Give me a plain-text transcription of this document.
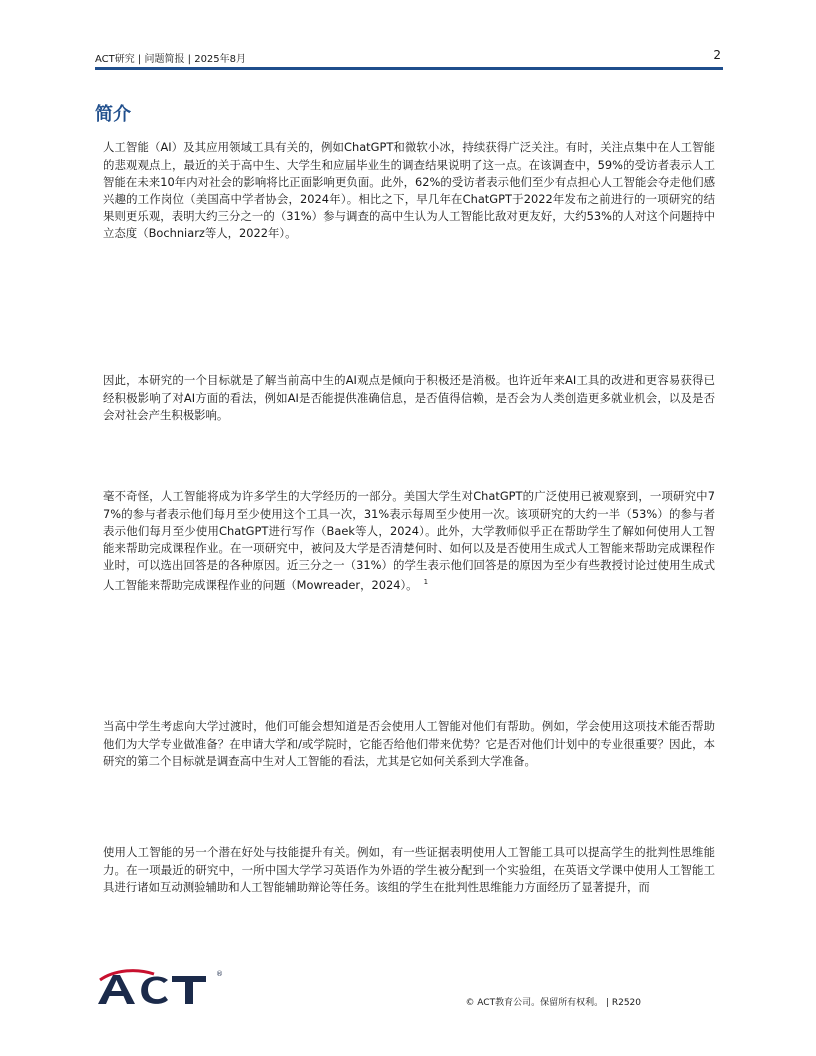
ACT研究 | 问题简报 | 2025年8月	2
简介

人工智能（AI）及其应用领域工具有关的，例如ChatGPT和微软小冰，持续获得广泛关注。有时，关注点集中在人工智能的悲观观点上，最近的关于高中生、大学生和应届毕业生的调查结果说明了这一点。在该调查中，59%的受访者表示人工智能在未来10年内对社会的影响将比正面影响更负面。此外，62%的受访者表示他们至少有点担心人工智能会夺走他们感兴趣的工作岗位（美国高中学者协会，2024年）。相比之下，早几年在ChatGPT于2022年发布之前进行的一项研究的结果则更乐观，表明大约三分之一的（31%）参与调查的高中生认为人工智能比敌对更友好，大约53%的人对这个问题持中立态度（Bochniarz等人，2022年）。

因此，本研究的一个目标就是了解当前高中生的AI观点是倾向于积极还是消极。也许近年来AI工具的改进和更容易获得已经积极影响了对AI方面的看法，例如AI是否能提供准确信息，是否值得信赖，是否会为人类创造更多就业机会，以及是否会对社会产生积极影响。

毫不奇怪，人工智能将成为许多学生的大学经历的一部分。美国大学生对ChatGPT的广泛使用已被观察到，一项研究中77%的参与者表示他们每月至少使用这个工具一次，31%表示每周至少使用一次。该项研究的大约一半（53%）的参与者表示他们每月至少使用ChatGPT进行写作（Baek等人，2024）。此外，大学教师似乎正在帮助学生了解如何使用人工智能来帮助完成课程作业。在一项研究中，被问及大学是否清楚何时、如何以及是否使用生成式人工智能来帮助完成课程作业时，可以选出回答是的各种原因。近三分之一（31%）的学生表示他们回答是的原因为至少有些教授讨论过使用生成式人工智能来帮助完成课程作业的问题（Mowreader，2024）。 $^1$

当高中学生考虑向大学过渡时，他们可能会想知道是否会使用人工智能对他们有帮助。例如，学会使用这项技术能否帮助他们为大学专业做准备？在申请大学和/或学院时，它能否给他们带来优势？它是否对他们计划中的专业很重要？因此，本研究的第二个目标就是调查高中生对人工智能的看法，尤其是它如何关系到大学准备。

使用人工智能的另一个潜在好处与技能提升有关。例如，有一些证据表明使用人工智能工具可以提高学生的批判性思维能力。在一项最近的研究中，一所中国大学学习英语作为外语的学生被分配到一个实验组，在英语文学课中使用人工智能工具进行诸如互动测验辅助和人工智能辅助辩论等任务。该组的学生在批判性思维能力方面经历了显著提升，而

®
© ACT教育公司。保留所有权利。 | R2520
